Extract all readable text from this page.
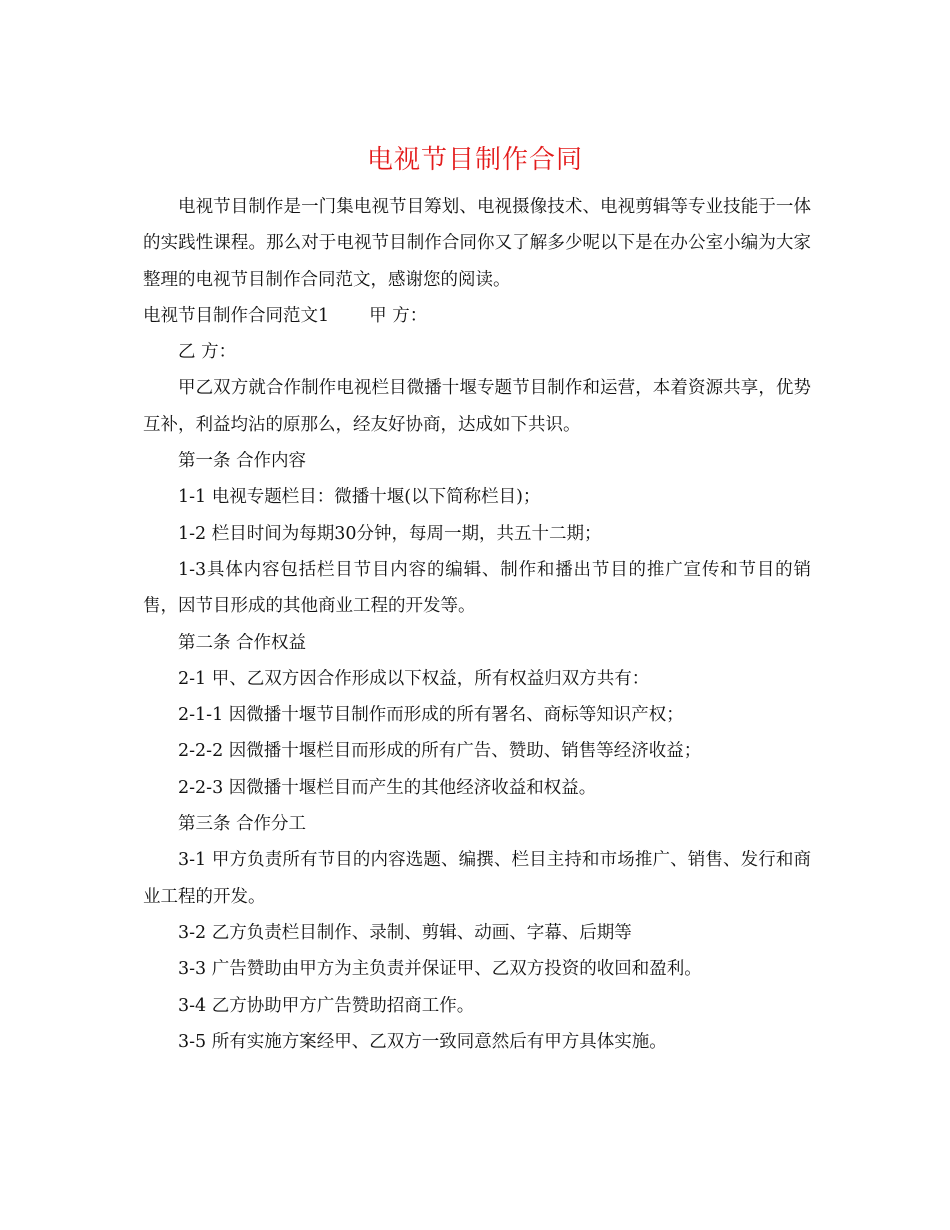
电视节目制作合同

电视节目制作是一门集电视节目筹划、电视摄像技术、电视剪辑等专业技能于一体的实践性课程。那么对于电视节目制作合同你又了解多少呢以下是在办公室小编为大家整理的电视节目制作合同范文，感谢您的阅读。

电视节目制作合同范文1 甲 方：

乙 方：

甲乙双方就合作制作电视栏目微播十堰专题节目制作和运营，本着资源共享，优势互补，利益均沾的原那么，经友好协商，达成如下共识。

第一条 合作内容

1-1 电视专题栏目：微播十堰(以下简称栏目)；

1-2 栏目时间为每期30分钟，每周一期，共五十二期；

1-3具体内容包括栏目节目内容的编辑、制作和播出节目的推广宣传和节目的销售，因节目形成的其他商业工程的开发等。

第二条 合作权益

2-1 甲、乙双方因合作形成以下权益，所有权益归双方共有：

2-1-1 因微播十堰节目制作而形成的所有署名、商标等知识产权；

2-2-2 因微播十堰栏目而形成的所有广告、赞助、销售等经济收益；

2-2-3 因微播十堰栏目而产生的其他经济收益和权益。

第三条 合作分工

3-1 甲方负责所有节目的内容选题、编撰、栏目主持和市场推广、销售、发行和商业工程的开发。

3-2 乙方负责栏目制作、录制、剪辑、动画、字幕、后期等

3-3 广告赞助由甲方为主负责并保证甲、乙双方投资的收回和盈利。

3-4 乙方协助甲方广告赞助招商工作。

3-5 所有实施方案经甲、乙双方一致同意然后有甲方具体实施。
